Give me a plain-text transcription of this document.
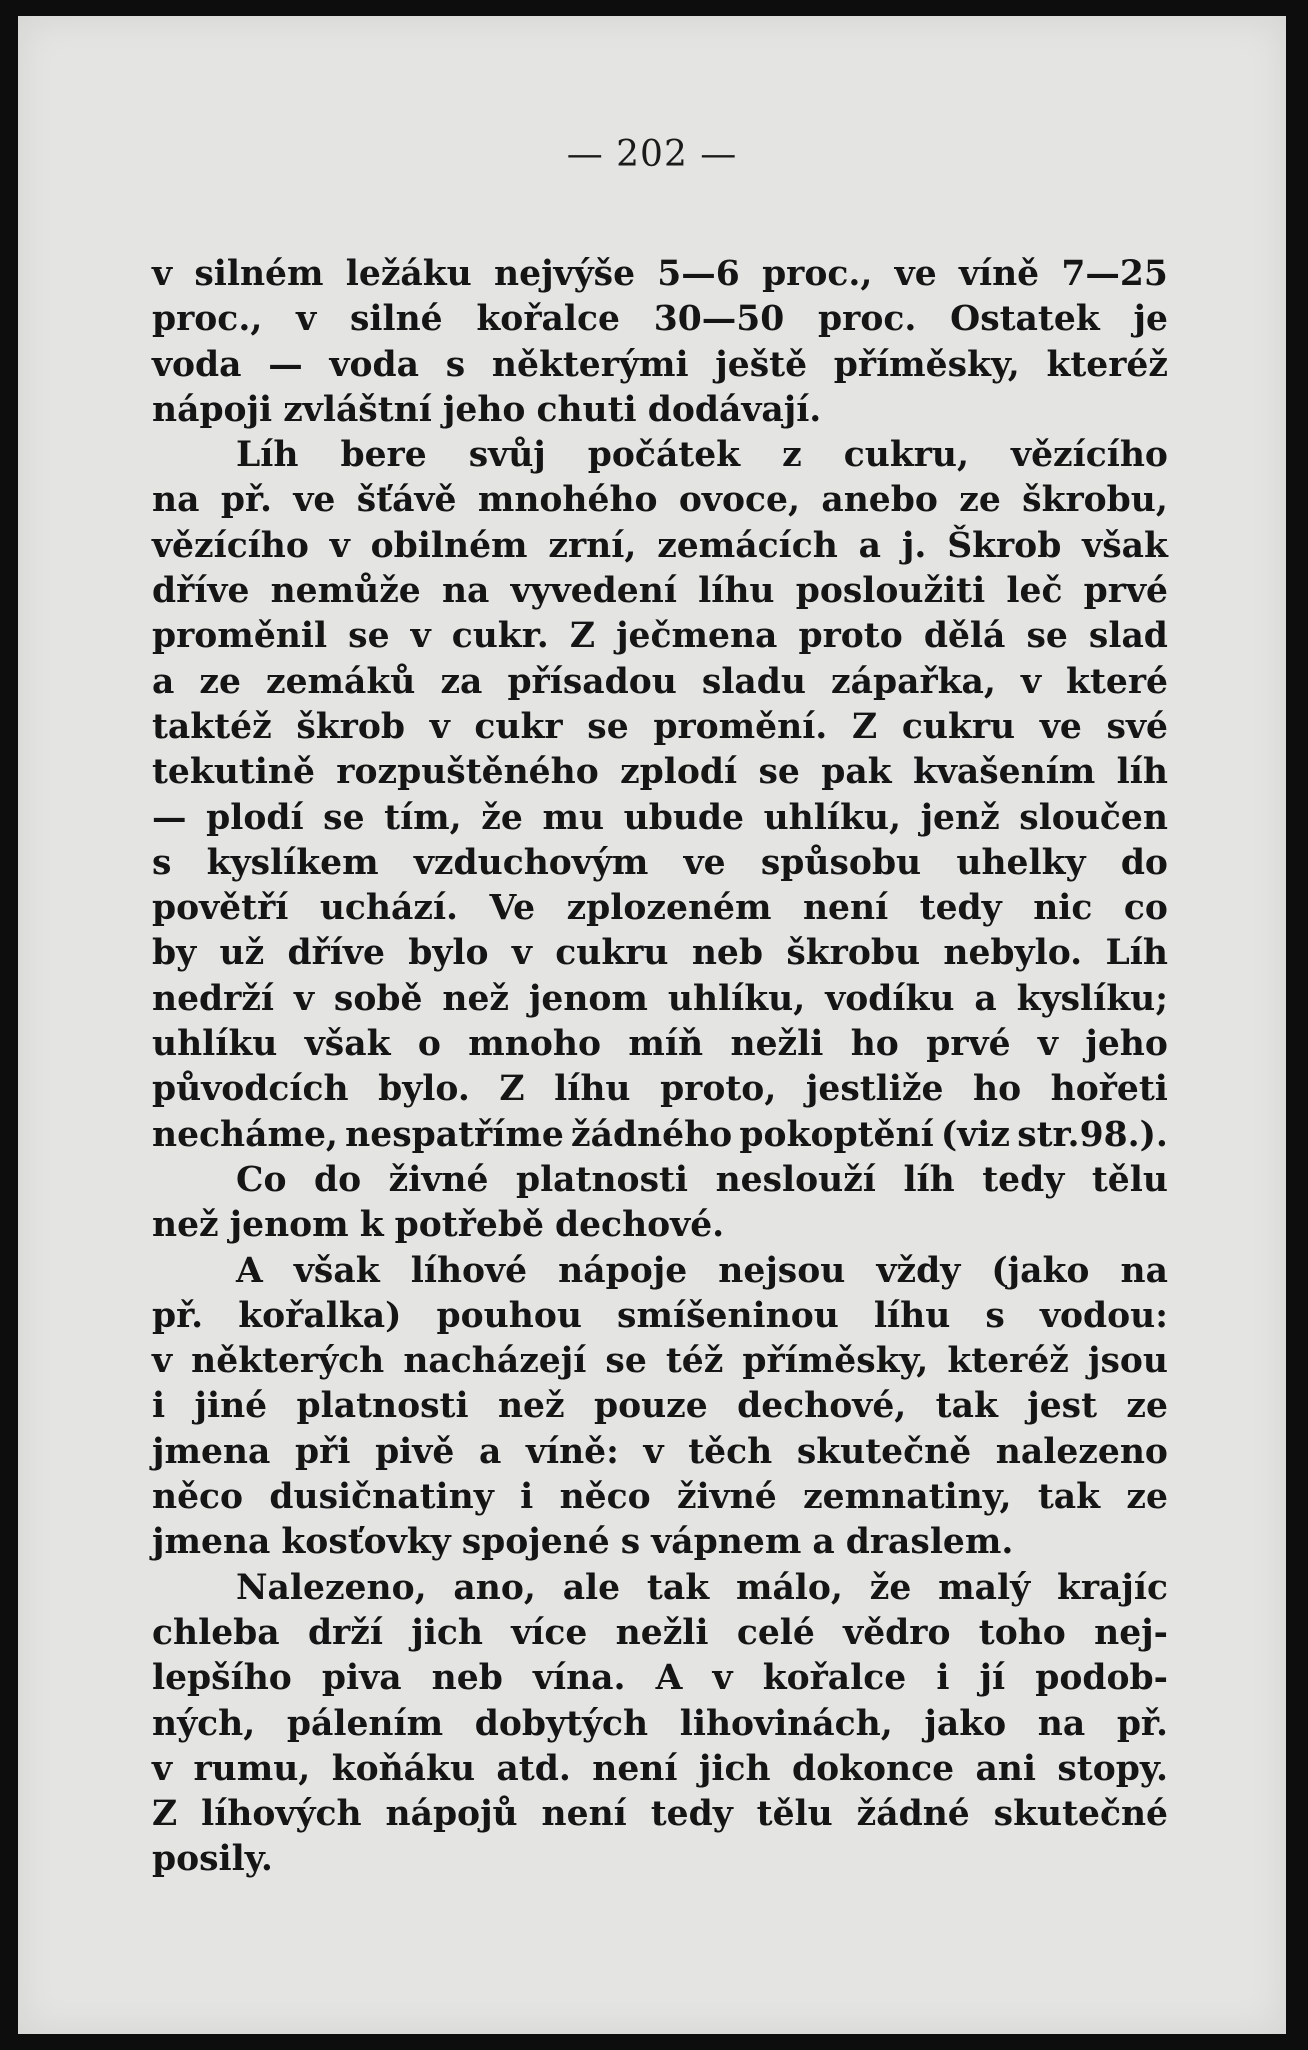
— 202 —
v silném ležáku nejvýše 5—6 proc., ve víně 7—25
proc., v silné kořalce 30—50 proc. Ostatek je
voda — voda s některými ještě příměsky, kteréž
nápoji zvláštní jeho chuti dodávají.
Líh bere svůj počátek z cukru, vězícího
na př. ve šťávě mnohého ovoce, anebo ze škrobu,
vězícího v obilném zrní, zemácích a j. Škrob však
dříve nemůže na vyvedení líhu posloužiti leč prvé
proměnil se v cukr. Z ječmena proto dělá se slad
a ze zemáků za přísadou sladu zápařka, v které
taktéž škrob v cukr se promění. Z cukru ve své
tekutině rozpuštěného zplodí se pak kvašením líh
— plodí se tím, že mu ubude uhlíku, jenž sloučen
s kyslíkem vzduchovým ve spůsobu uhelky do
povětří uchází. Ve zplozeném není tedy nic co
by už dříve bylo v cukru neb škrobu nebylo. Líh
nedrží v sobě než jenom uhlíku, vodíku a kyslíku;
uhlíku však o mnoho míň nežli ho prvé v jeho
původcích bylo. Z líhu proto, jestliže ho hořeti
necháme, nespatříme žádného pokoptění (viz str.98.).
Co do živné platnosti neslouží líh tedy tělu
než jenom k potřebě dechové.
A však líhové nápoje nejsou vždy (jako na
př. kořalka) pouhou smíšeninou líhu s vodou:
v některých nacházejí se též příměsky, kteréž jsou
i jiné platnosti než pouze dechové, tak jest ze
jmena při pivě a víně: v těch skutečně nalezeno
něco dusičnatiny i něco živné zemnatiny, tak ze
jmena kosťovky spojené s vápnem a draslem.
Nalezeno, ano, ale tak málo, že malý krajíc
chleba drží jich více nežli celé vědro toho nej-
lepšího piva neb vína. A v kořalce i jí podob-
ných, pálením dobytých lihovinách, jako na př.
v rumu, koňáku atd. není jich dokonce ani stopy.
Z líhových nápojů není tedy tělu žádné skutečné
posily.
